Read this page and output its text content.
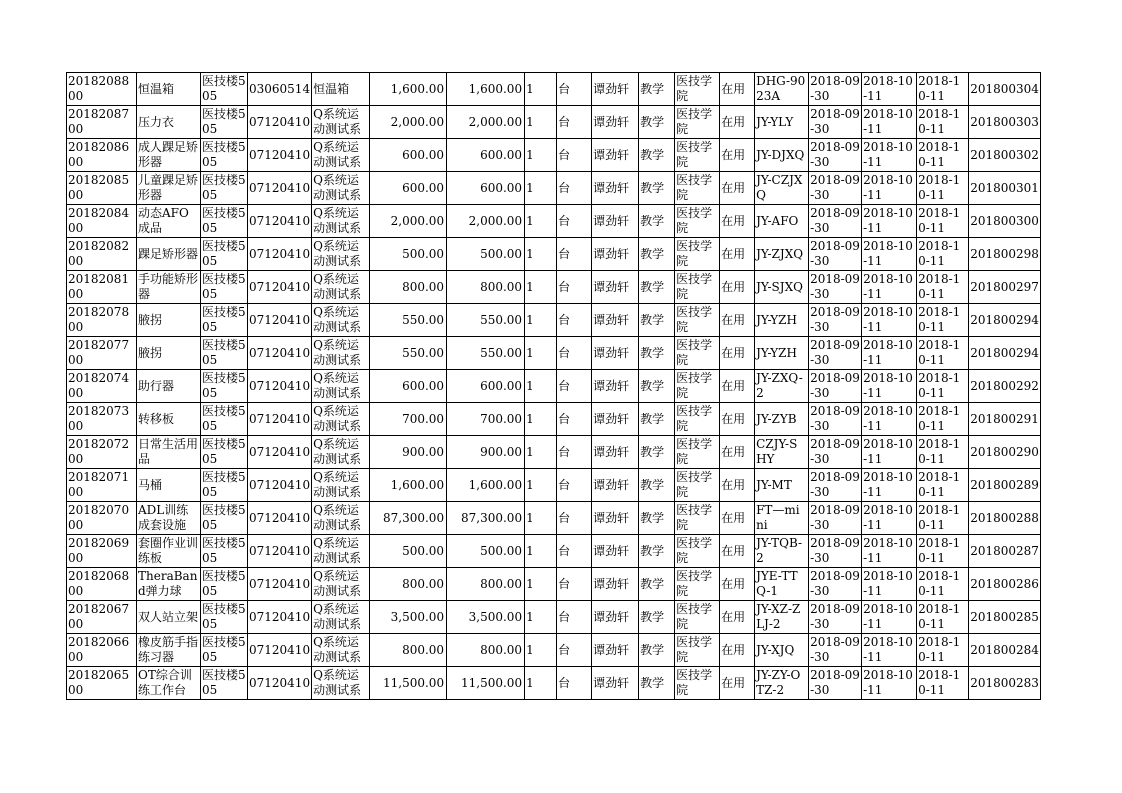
2018208800	恒温箱	医技楼505	03060514	恒温箱	1,600.00	1,600.00	1	台	谭劲轩	教学	医技学院	在用	DHG-9023A	2018-09-30	2018-10-11	2018-10-11	201800304
2018208700	压力衣	医技楼505	07120410	Q系统运动测试系	2,000.00	2,000.00	1	台	谭劲轩	教学	医技学院	在用	JY-YLY	2018-09-30	2018-10-11	2018-10-11	201800303
2018208600	成人踝足矫形器	医技楼505	07120410	Q系统运动测试系	600.00	600.00	1	台	谭劲轩	教学	医技学院	在用	JY-DJXQ	2018-09-30	2018-10-11	2018-10-11	201800302
2018208500	儿童踝足矫形器	医技楼505	07120410	Q系统运动测试系	600.00	600.00	1	台	谭劲轩	教学	医技学院	在用	JY-CZJXQ	2018-09-30	2018-10-11	2018-10-11	201800301
2018208400	动态AFO成品	医技楼505	07120410	Q系统运动测试系	2,000.00	2,000.00	1	台	谭劲轩	教学	医技学院	在用	JY-AFO	2018-09-30	2018-10-11	2018-10-11	201800300
2018208200	踝足矫形器	医技楼505	07120410	Q系统运动测试系	500.00	500.00	1	台	谭劲轩	教学	医技学院	在用	JY-ZJXQ	2018-09-30	2018-10-11	2018-10-11	201800298
2018208100	手功能矫形器	医技楼505	07120410	Q系统运动测试系	800.00	800.00	1	台	谭劲轩	教学	医技学院	在用	JY-SJXQ	2018-09-30	2018-10-11	2018-10-11	201800297
2018207800	腋拐	医技楼505	07120410	Q系统运动测试系	550.00	550.00	1	台	谭劲轩	教学	医技学院	在用	JY-YZH	2018-09-30	2018-10-11	2018-10-11	201800294
2018207700	腋拐	医技楼505	07120410	Q系统运动测试系	550.00	550.00	1	台	谭劲轩	教学	医技学院	在用	JY-YZH	2018-09-30	2018-10-11	2018-10-11	201800294
2018207400	助行器	医技楼505	07120410	Q系统运动测试系	600.00	600.00	1	台	谭劲轩	教学	医技学院	在用	JY-ZXQ-2	2018-09-30	2018-10-11	2018-10-11	201800292
2018207300	转移板	医技楼505	07120410	Q系统运动测试系	700.00	700.00	1	台	谭劲轩	教学	医技学院	在用	JY-ZYB	2018-09-30	2018-10-11	2018-10-11	201800291
2018207200	日常生活用品	医技楼505	07120410	Q系统运动测试系	900.00	900.00	1	台	谭劲轩	教学	医技学院	在用	CZJY-SHY	2018-09-30	2018-10-11	2018-10-11	201800290
2018207100	马桶	医技楼505	07120410	Q系统运动测试系	1,600.00	1,600.00	1	台	谭劲轩	教学	医技学院	在用	JY-MT	2018-09-30	2018-10-11	2018-10-11	201800289
2018207000	ADL训练成套设施	医技楼505	07120410	Q系统运动测试系	87,300.00	87,300.00	1	台	谭劲轩	教学	医技学院	在用	FT—mini	2018-09-30	2018-10-11	2018-10-11	201800288
2018206900	套圈作业训练板	医技楼505	07120410	Q系统运动测试系	500.00	500.00	1	台	谭劲轩	教学	医技学院	在用	JY-TQB-2	2018-09-30	2018-10-11	2018-10-11	201800287
2018206800	TheraBand弹力球	医技楼505	07120410	Q系统运动测试系	800.00	800.00	1	台	谭劲轩	教学	医技学院	在用	JYE-TTQ-1	2018-09-30	2018-10-11	2018-10-11	201800286
2018206700	双人站立架	医技楼505	07120410	Q系统运动测试系	3,500.00	3,500.00	1	台	谭劲轩	教学	医技学院	在用	JY-XZ-ZLJ-2	2018-09-30	2018-10-11	2018-10-11	201800285
2018206600	橡皮筋手指练习器	医技楼505	07120410	Q系统运动测试系	800.00	800.00	1	台	谭劲轩	教学	医技学院	在用	JY-XJQ	2018-09-30	2018-10-11	2018-10-11	201800284
2018206500	OT综合训练工作台	医技楼505	07120410	Q系统运动测试系	11,500.00	11,500.00	1	台	谭劲轩	教学	医技学院	在用	JY-ZY-OTZ-2	2018-09-30	2018-10-11	2018-10-11	201800283
